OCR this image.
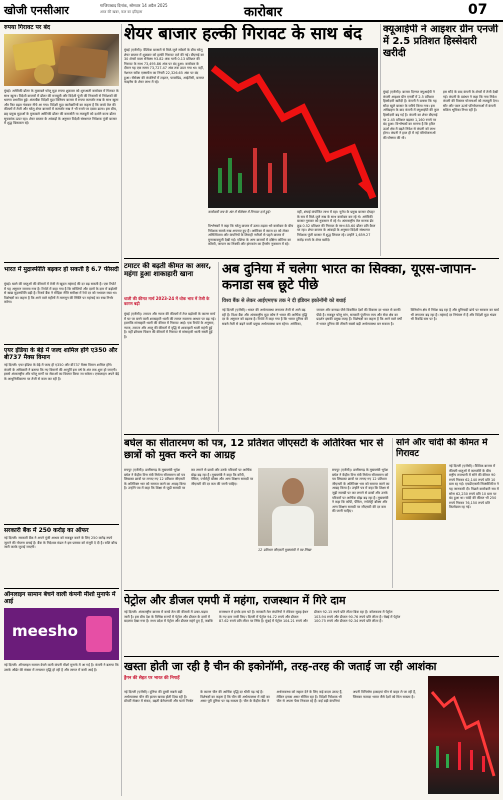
खोजी एनसीआर	गाजियाबाद दिनांक, सोमवार 14 अप्रैल 2025
आज की खबर, कल का इतिहास	कारोबार	07
रुपया गिरावट पर बंद
मुंबई। अमेरिकी डॉलर के मुकाबले घरेलू मुद्रा रुपया शुक्रवार को शुरुआती कारोबार में गिरावट के साथ खुला। विदेशी बाजारों में डॉलर की मजबूती और विदेशी पूंजी की निकासी से निवेशकों की धारणा प्रभावित हुई। अंतरबैंक विदेशी मुद्रा विनिमय बाजार में रुपया कमजोर रुख के साथ खुला और फिर बढ़त गंवाकर नीचे आ गया। विदेशी मुद्रा कारोबारियों का कहना है कि कच्चे तेल की कीमतों में तेजी और घरेलू शेयर बाजारों में कमजोर रुख ने भी रुपये पर दबाव डाला। इस बीच, छह प्रमुख मुद्राओं के मुकाबले अमेरिकी डॉलर की कमजोरी या मजबूती को दर्शाने वाला डॉलर सूचकांक ऊपर रहा। शेयर बाजार के आंकड़ों के अनुसार विदेशी संस्थागत निवेशक पूंजी बाजार में शुद्ध बिकवाल रहे।
भारत में मुद्रास्फीति बढ़कर हो सकती है 6.7 फीसदी
मुंबई। खाने की वस्तुओं की कीमतों में तेजी से खुदरा महंगाई की दर बढ़ सकती है। एक रिपोर्ट में यह अनुमान जताया गया है। रिपोर्ट में कहा गया है कि सब्जियों और दालों के दाम में बढ़ोतरी से खाद्य मुद्रास्फीति बढ़ी है। रिजर्व बैंक ने मौद्रिक नीति समीक्षा में रेपो दर को यथावत रखा था। विशेषज्ञों का कहना है कि आने वाले महीनों में मानसून की स्थिति पर महंगाई का रुख निर्भर करेगा।
एयर इंडिया के बेड़े में जल्द शामिल होंगे ए350 और बी737 मैक्स विमान
नई दिल्ली। एयर इंडिया के बेड़े में जल्द ही ए350 और बी737 मैक्स विमान शामिल होंगे। कंपनी के अधिकारी ने बताया कि नए विमानों की आपूर्ति इस वर्ष के अंत तक शुरू हो जाएगी। इससे अंतरराष्ट्रीय और घरेलू मार्गों पर सेवाओं का विस्तार किया जा सकेगा। एयरलाइन अपने बेड़े के आधुनिकीकरण पर तेजी से काम कर रही है।
सरकारी बैंक में 250 करोड़ का ऑफर
नई दिल्ली। सरकारी बैंक ने अपने पूंजी आधार को मजबूत करने के लिए 250 करोड़ रुपये जुटाने की योजना बनाई है। बैंक के निदेशक मंडल ने इस प्रस्ताव को मंजूरी दे दी है। राशि बॉन्ड जारी करके जुटाई जाएगी।
ऑनलाइन सामान बेचने वाली कंपनी मीशो मुनाफे में आई
meesho
नई दिल्ली। ऑनलाइन सामान बेचने वाली कंपनी मीशो मुनाफे में आ गई है। कंपनी ने बताया कि उसके ऑर्डर की संख्या में लगातार वृद्धि हो रही है और लागत में कमी आई है।
शेयर बाजार हल्की गिरावट के साथ बंद
मुंबई (एजेंसी)। वैश्विक बाजारों से मिले-जुले संकेतों के बीच घरेलू शेयर बाजार में शुक्रवार को हल्की गिरावट दर्ज की गई। बीएसई का 30 शेयरों वाला सेंसेक्स 93.82 अंक यानी 0.13 प्रतिशत की गिरावट के साथ 73,495.86 अंक पर बंद हुआ। कारोबार के दौरान यह एक समय 73,727.47 अंक तक ऊपर गया था। वहीं, नेशनल स्टॉक एक्सचेंज का निफ्टी 22,326.65 अंक पर बंद हुआ। सेंसेक्स की कंपनियों में टाइटन, पावरग्रिड, आईटीसी, बजाज फाइनेंस के शेयर लाभ में रहे।
कारोबारी सत्र के अंत में सेंसेक्स में गिरावट दर्ज हुई।
विश्लेषकों ने कहा कि घरेलू बाजार में उतार-चढ़ाव भरे कारोबार के बीच निवेशक सतर्क रुख अपनाए हुए हैं। अमेरिका में ब्याज दर को लेकर अनिश्चितता और कंपनियों के तिमाही नतीजों से पहले बाजार में मुनाफावसूली देखी गई। एशिया के अन्य बाजारों में दक्षिण कोरिया का कॉस्पी, जापान का निक्की और हांगकांग का हैंगसेंग नुकसान में रहे।
वहीं, शंघाई कंपोजिट लाभ में रहा। यूरोप के प्रमुख बाजार दोपहर के सत्र में मिले-जुले रुख के साथ कारोबार कर रहे थे। अमेरिकी बाजार गुरुवार को नुकसान में रहे थे। अंतरराष्ट्रीय तेल मानक ब्रेंट क्रूड 0.52 प्रतिशत की गिरावट के साथ 85.60 डॉलर प्रति बैरल पर रहा। शेयर बाजार के आंकड़ों के अनुसार विदेशी संस्थागत निवेशक पूंजी बाजार में शुद्ध लिवाल रहे। उन्होंने 1,659.27 करोड़ रुपये के शेयर खरीदे।
क्यूआईपी ने आइशर ग्रीन एनर्जी में 2.5 प्रतिशत हिस्सेदारी खरीदी
मुंबई (एजेंसी)। बाजार दिग्गज क्यूआईपी ने कंपनी आइशर ग्रीन एनर्जी में 2.5 प्रतिशत हिस्सेदारी खरीदी है। कंपनी ने बताया कि यह सौदा खुले बाजार के जरिये किया गया। इस अधिग्रहण के बाद कंपनी में क्यूआईपी की कुल हिस्सेदारी बढ़ गई है। कंपनी का शेयर बीएसई पर 2.45 प्रतिशत बढ़कर 1,160 रुपये पर बंद हुआ। विश्लेषकों का मानना है कि हरित ऊर्जा क्षेत्र में बढ़ते निवेश से कंपनी को लाभ होगा। कंपनी ने हाल ही में नई परियोजनाओं की घोषणा की थी।
इस सौदे के बाद कंपनी के शेयरों में तेजी देखी गई। कंपनी के प्रबंधन ने कहा कि नया निवेश कंपनी की विस्तार योजनाओं को मजबूती देगा। सौर और पवन ऊर्जा परियोजनाओं में कंपनी सक्रिय भूमिका निभा रही है।
टमाटर की बढ़ती कीमत का असर, महंगा हुआ शाकाहारी खाना
थाली की कीमत मार्च 2023-24 में थोक भाव में तेजी के कारण बढ़ी
मुंबई (एजेंसी)। टमाटर और प्याज की कीमतों में तेज बढ़ोतरी के कारण मार्च में घर पर बनने वाली शाकाहारी थाली की लागत सालाना आधार पर बढ़ गई। हालांकि मांसाहारी थाली की कीमत में गिरावट आई। एक रिपोर्ट के अनुसार, प्याज, टमाटर और आलू की कीमतों में वृद्धि से शाकाहारी थाली महंगी हुई है। वहीं ब्रॉयलर चिकन की कीमतों में गिरावट से मांसाहारी थाली सस्ती हुई है।
अब दुनिया में चलेगा भारत का सिक्का, यूएस-जापान-कनाडा सब छूटे पीछे
विश्व बैंक से लेकर आईएमएफ तक ने दी इंडियन इकोनॉमी को बधाई
नई दिल्ली (एजेंसी)। भारत की अर्थव्यवस्था लगातार तेजी से आगे बढ़ रही है। विश्व बैंक और अंतरराष्ट्रीय मुद्रा कोष ने भारत की आर्थिक वृद्धि दर के अनुमान को बढ़ाया है। रिपोर्ट में कहा गया है कि भारत दुनिया की सबसे तेजी से बढ़ने वाली प्रमुख अर्थव्यवस्था बना रहेगा। अमेरिका, जापान और कनाडा जैसे विकसित देशों की विकास दर भारत से काफी पीछे है। मजबूत घरेलू मांग, सरकारी पूंजीगत व्यय और सेवा क्षेत्र का प्रदर्शन इसकी प्रमुख वजह हैं। विशेषज्ञों का कहना है कि आने वाले वर्षों में भारत दुनिया की तीसरी सबसे बड़ी अर्थव्यवस्था बन सकता है। विनिर्माण क्षेत्र में निवेश बढ़ रहा है और बुनियादी ढांचे पर सरकार का खर्च भी लगातार बढ़ रहा है। महंगाई दर नियंत्रण में है और विदेशी मुद्रा भंडार भी रिकॉर्ड स्तर पर है।
बघेल का सीतारमण को पत्र, 12 प्रतिशत जीएसटी के अतिरिक्त भार से छात्रों को मुक्त करने का आग्रह
रायपुर (एजेंसी)। छत्तीसगढ़ के मुख्यमंत्री भूपेश बघेल ने केंद्रीय वित्त मंत्री निर्मला सीतारमण को पत्र लिखकर छात्रों पर लगाए गए 12 प्रतिशत जीएसटी के अतिरिक्त भार को समाप्त करने का आग्रह किया है। उन्होंने पत्र में कहा कि शिक्षा से जुड़ी सामग्री पर कर लगाने से छात्रों और उनके परिवारों पर आर्थिक बोझ बढ़ रहा है। मुख्यमंत्री ने कहा कि कॉपी, पेंसिल, ज्योमेट्री बॉक्स और अन्य शिक्षण सामग्री पर जीएसटी की दर कम की जानी चाहिए।
12 प्रतिशत जीएसटी मुख्यमंत्री ने पत्र लिखा
रायपुर (एजेंसी)। छत्तीसगढ़ के मुख्यमंत्री भूपेश बघेल ने केंद्रीय वित्त मंत्री निर्मला सीतारमण को पत्र लिखकर छात्रों पर लगाए गए 12 प्रतिशत जीएसटी के अतिरिक्त भार को समाप्त करने का आग्रह किया है। उन्होंने पत्र में कहा कि शिक्षा से जुड़ी सामग्री पर कर लगाने से छात्रों और उनके परिवारों पर आर्थिक बोझ बढ़ रहा है। मुख्यमंत्री ने कहा कि कॉपी, पेंसिल, ज्योमेट्री बॉक्स और अन्य शिक्षण सामग्री पर जीएसटी की दर कम की जानी चाहिए।
सोने और चांदी की कीमत में गिरावट
नई दिल्ली (एजेंसी)। वैश्विक बाजार में कीमती धातुओं में कमजोरी के बीच राष्ट्रीय राजधानी में सोने की कीमत 90 रुपये गिरकर 62,140 रुपये प्रति 10 ग्राम रह गई। एचडीएफसी सिक्योरिटीज ने यह जानकारी दी। पिछले कारोबारी सत्र में सोना 62,230 रुपये प्रति 10 ग्राम पर बंद हुआ था। चांदी की कीमत भी 250 रुपये गिरकर 76,150 रुपये प्रति किलोग्राम रह गई।
पेट्रोल और डीजल एमपी में महंगा, राजस्थान में गिरे दाम
नई दिल्ली। अंतरराष्ट्रीय बाजार में कच्चे तेल की कीमतों में उतार-चढ़ाव जारी है। इस बीच देश के विभिन्न राज्यों में पेट्रोल और डीजल के दामों में बदलाव देखा गया है। मध्य प्रदेश में पेट्रोल और डीजल महंगे हुए हैं, जबकि राजस्थान में इनके दाम घटे हैं। सरकारी तेल कंपनियों ने रविवार सुबह ईंधन के नए दाम जारी किए। दिल्ली में पेट्रोल 94.72 रुपये और डीजल 87.62 रुपये प्रति लीटर पर स्थिर है। मुंबई में पेट्रोल 104.21 रुपये और डीजल 92.15 रुपये प्रति लीटर बिक रहा है। कोलकाता में पेट्रोल 103.94 रुपये और डीजल 90.76 रुपये प्रति लीटर है। चेन्नई में पेट्रोल 100.75 रुपये और डीजल 92.34 रुपये प्रति लीटर है।
खस्ता होती जा रही है चीन की इकोनॉमी, तरह-तरह की जताई जा रही आशंका
ड्रैगन की सेहत पर भारत की निगाहें
नई दिल्ली (एजेंसी)। दुनिया की दूसरी सबसे बड़ी अर्थव्यवस्था चीन की हालत खराब होती दिख रही है। प्रॉपर्टी सेक्टर में संकट, बढ़ती बेरोजगारी और घटते निर्यात के कारण चीन की आर्थिक वृद्धि दर धीमी पड़ गई है। विशेषज्ञों का कहना है कि चीन की अर्थव्यवस्था में मंदी का असर पूरी दुनिया पर पड़ सकता है। चीन के केंद्रीय बैंक ने अर्थव्यवस्था को सहारा देने के लिए कई कदम उठाए हैं, लेकिन इनका असर सीमित रहा है। विदेशी निवेशक भी चीन से अपना पैसा निकाल रहे हैं। कई बड़ी कंपनियां अपनी विनिर्माण इकाइयां चीन से बाहर ले जा रही हैं, जिसका फायदा भारत जैसे देशों को मिल सकता है।
